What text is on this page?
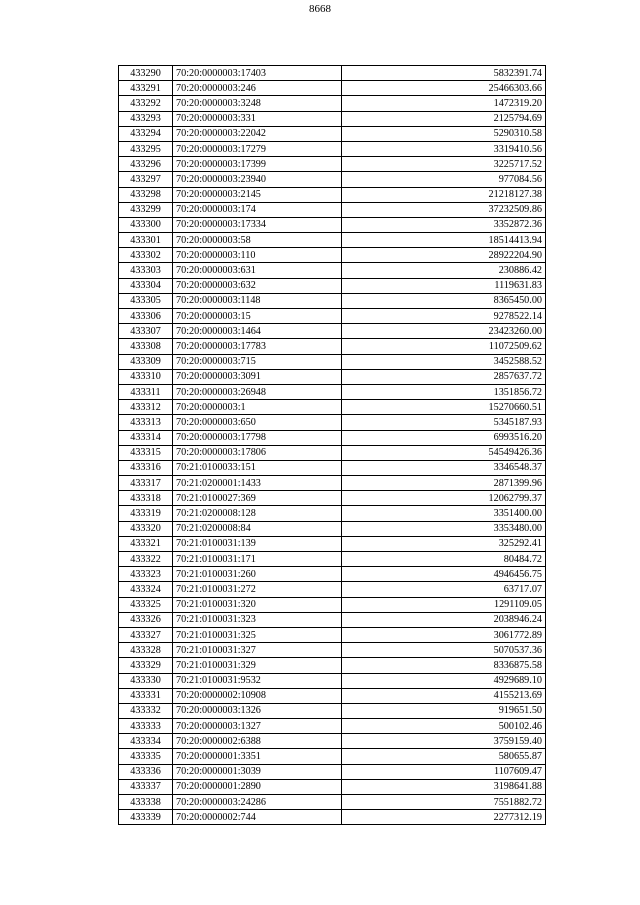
8668
433290	70:20:0000003:17403	5832391.74
433291	70:20:0000003:246	25466303.66
433292	70:20:0000003:3248	1472319.20
433293	70:20:0000003:331	2125794.69
433294	70:20:0000003:22042	5290310.58
433295	70:20:0000003:17279	3319410.56
433296	70:20:0000003:17399	3225717.52
433297	70:20:0000003:23940	977084.56
433298	70:20:0000003:2145	21218127.38
433299	70:20:0000003:174	37232509.86
433300	70:20:0000003:17334	3352872.36
433301	70:20:0000003:58	18514413.94
433302	70:20:0000003:110	28922204.90
433303	70:20:0000003:631	230886.42
433304	70:20:0000003:632	1119631.83
433305	70:20:0000003:1148	8365450.00
433306	70:20:0000003:15	9278522.14
433307	70:20:0000003:1464	23423260.00
433308	70:20:0000003:17783	11072509.62
433309	70:20:0000003:715	3452588.52
433310	70:20:0000003:3091	2857637.72
433311	70:20:0000003:26948	1351856.72
433312	70:20:0000003:1	15270660.51
433313	70:20:0000003:650	5345187.93
433314	70:20:0000003:17798	6993516.20
433315	70:20:0000003:17806	54549426.36
433316	70:21:0100033:151	3346548.37
433317	70:21:0200001:1433	2871399.96
433318	70:21:0100027:369	12062799.37
433319	70:21:0200008:128	3351400.00
433320	70:21:0200008:84	3353480.00
433321	70:21:0100031:139	325292.41
433322	70:21:0100031:171	80484.72
433323	70:21:0100031:260	4946456.75
433324	70:21:0100031:272	63717.07
433325	70:21:0100031:320	1291109.05
433326	70:21:0100031:323	2038946.24
433327	70:21:0100031:325	3061772.89
433328	70:21:0100031:327	5070537.36
433329	70:21:0100031:329	8336875.58
433330	70:21:0100031:9532	4929689.10
433331	70:20:0000002:10908	4155213.69
433332	70:20:0000003:1326	919651.50
433333	70:20:0000003:1327	500102.46
433334	70:20:0000002:6388	3759159.40
433335	70:20:0000001:3351	580655.87
433336	70:20:0000001:3039	1107609.47
433337	70:20:0000001:2890	3198641.88
433338	70:20:0000003:24286	7551882.72
433339	70:20:0000002:744	2277312.19
